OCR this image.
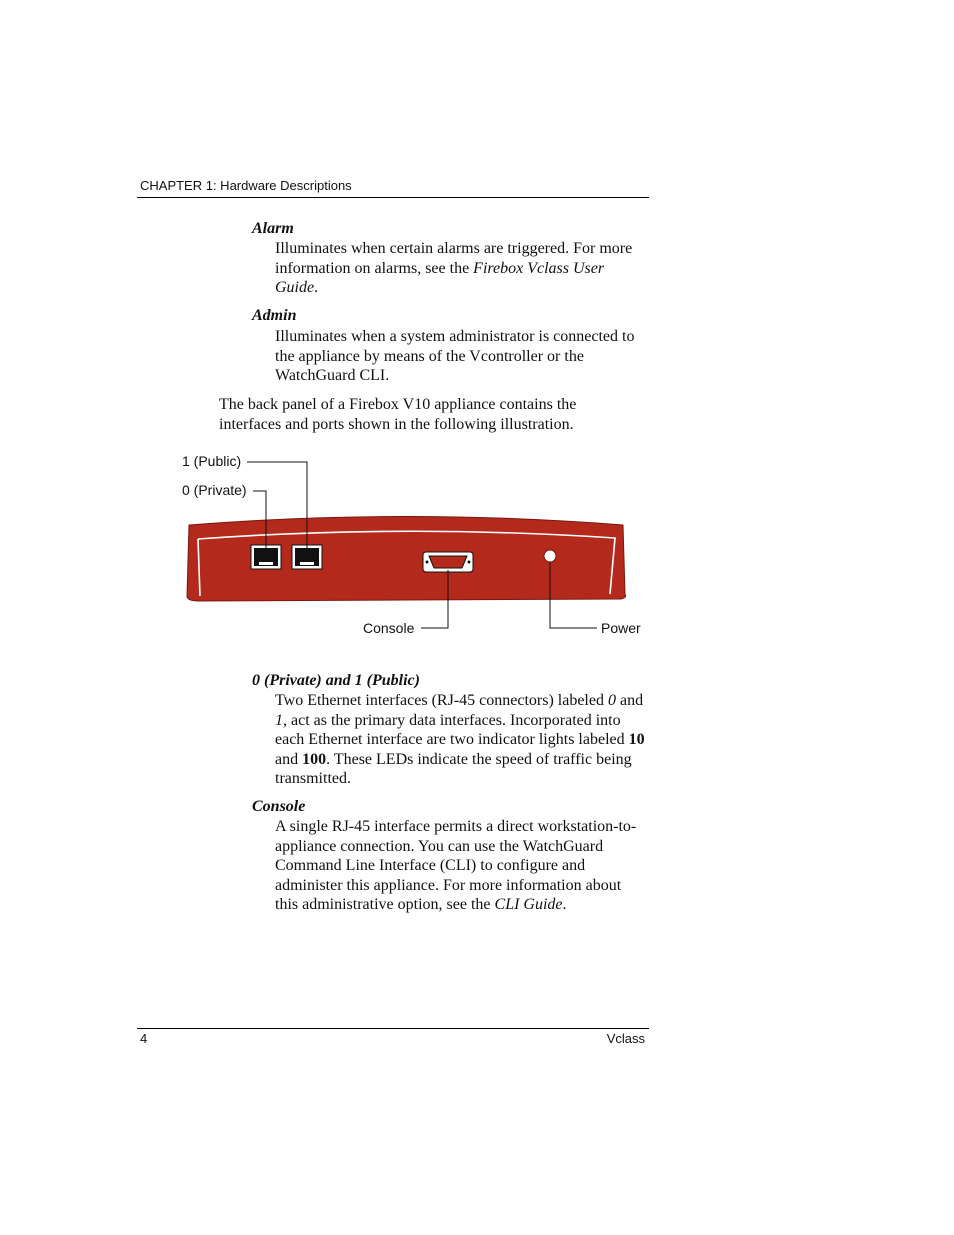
CHAPTER 1: Hardware Descriptions
Alarm
Illuminates when certain alarms are triggered. For more information on alarms, see the Firebox Vclass User Guide.
Admin
Illuminates when a system administrator is connected to the appliance by means of the Vcontroller or the WatchGuard CLI.
The back panel of a Firebox V10 appliance contains the interfaces and ports shown in the following illustration.
1 (Public)
0 (Private)
Console	Power
0 (Private) and 1 (Public)
Two Ethernet interfaces (RJ-45 connectors) labeled 0 and 1, act as the primary data interfaces. Incorporated into each Ethernet interface are two indicator lights labeled 10 and 100. These LEDs indicate the speed of traffic being transmitted.
Console
A single RJ-45 interface permits a direct workstation-to-appliance connection. You can use the WatchGuard Command Line Interface (CLI) to configure and administer this appliance. For more information about this administrative option, see the CLI Guide.
4	Vclass
